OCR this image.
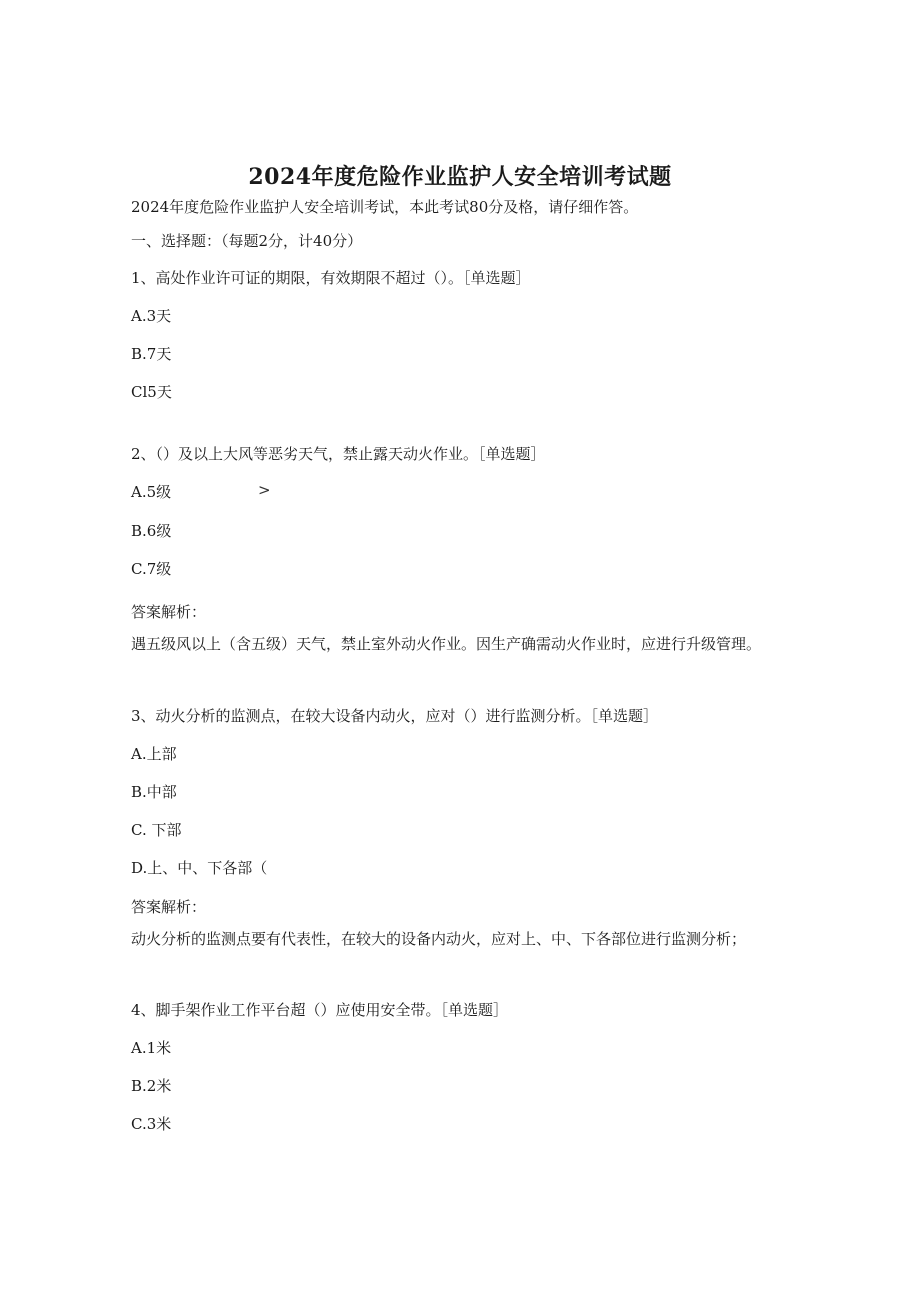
2024年度危险作业监护人安全培训考试题
2024年度危险作业监护人安全培训考试，本此考试80分及格，请仔细作答。
一、选择题：（每题2分，计40分）
1、高处作业许可证的期限，有效期限不超过（）。［单选题］
A.3天
B.7天
Cl5天
2、（）及以上大风等恶劣天气，禁止露天动火作业。［单选题］
A.5级	>
B.6级
C.7级
答案解析：
遇五级风以上（含五级）天气，禁止室外动火作业。因生产确需动火作业时，应进行升级管理。
3、动火分析的监测点，在较大设备内动火，应对（）进行监测分析。［单选题］
A.上部
B.中部
C. 下部
D.上、中、下各部（
答案解析：
动火分析的监测点要有代表性，在较大的设备内动火，应对上、中、下各部位进行监测分析；
4、脚手架作业工作平台超（）应使用安全带。［单选题］
A.1米
B.2米
C.3米
